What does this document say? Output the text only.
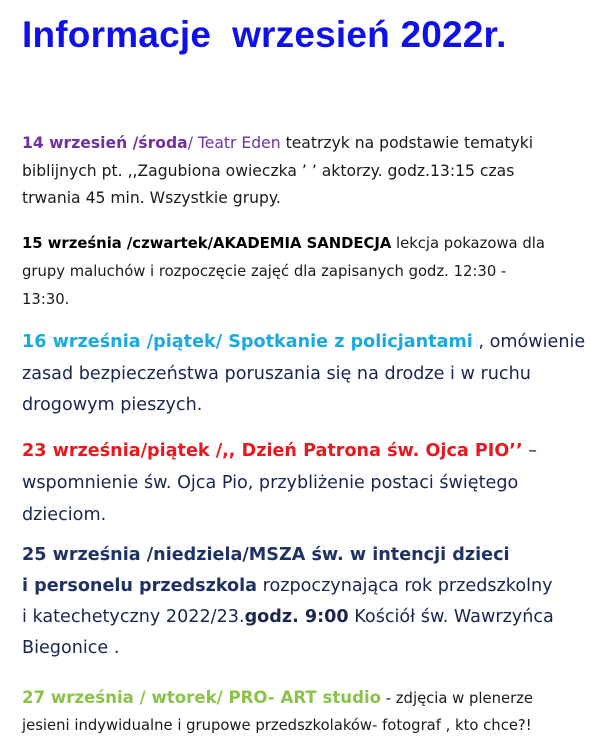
Informacje  wrzesień 2022r.

14 wrzesień /środa/ Teatr Eden teatrzyk na podstawie tematyki
biblijnych pt. ,,Zagubiona owieczka ’ ’ aktorzy. godz.13:15 czas
trwania 45 min. Wszystkie grupy.

15 września /czwartek/AKADEMIA SANDECJA lekcja pokazowa dla
grupy maluchów i rozpoczęcie zajęć dla zapisanych godz. 12:30 -
13:30.

16 września /piątek/ Spotkanie z policjantami , omówienie
zasad bezpieczeństwa poruszania się na drodze i w ruchu
drogowym pieszych.

23 września/piątek /,, Dzień Patrona św. Ojca PIO’’ –
wspomnienie św. Ojca Pio, przybliżenie postaci świętego
dzieciom.

25 września /niedziela/MSZA św. w intencji dzieci
i personelu przedszkola rozpoczynająca rok przedszkolny
i katechetyczny 2022/23.godz. 9:00 Kościół św. Wawrzyńca
Biegonice .

27 września / wtorek/ PRO- ART studio - zdjęcia w plenerze
jesieni indywidualne i grupowe przedszkolaków- fotograf , kto chce?!
